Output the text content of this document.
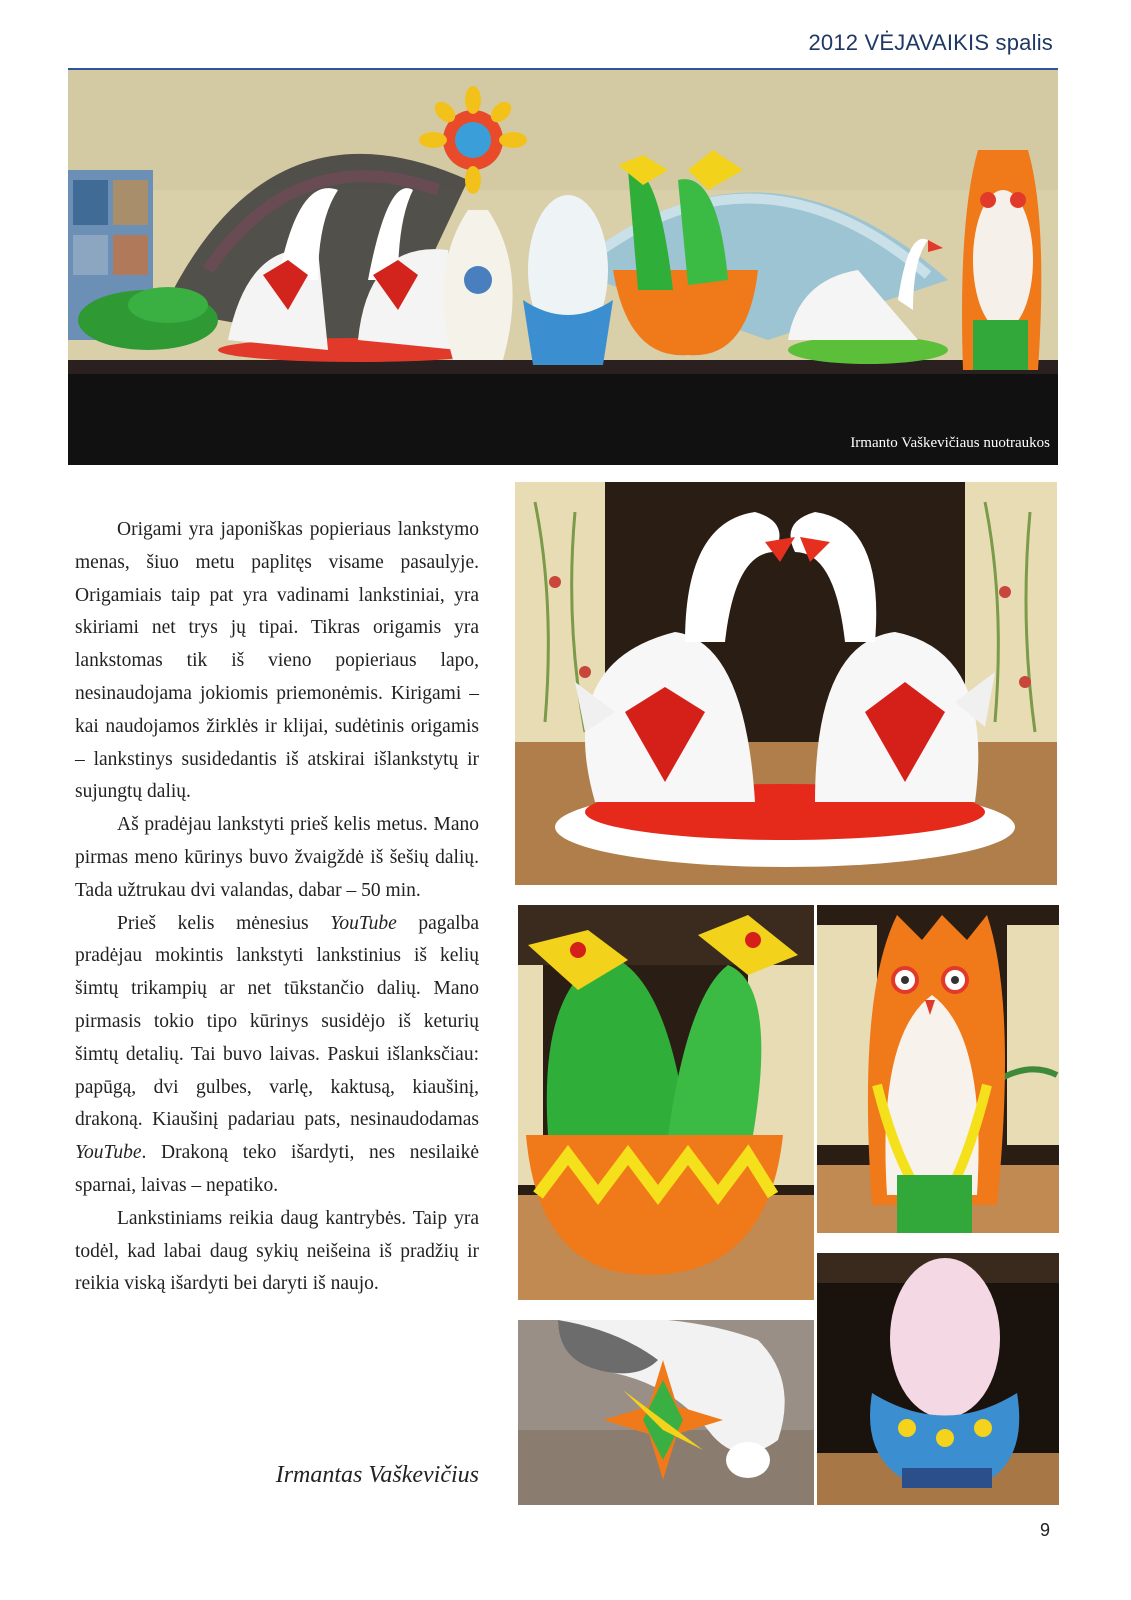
2012 VĖJAVAIKIS spalis
Irmanto Vaškevičiaus nuotraukos

Origami yra japoniškas popieriaus lankstymo menas, šiuo metu paplitęs visame pasaulyje. Origamiais taip pat yra vadinami lankstiniai, yra skiriami net trys jų tipai. Tikras origamis yra lankstomas tik iš vieno popieriaus lapo, nesinaudojama jokiomis priemonėmis. Kirigami – kai naudojamos žirklės ir klijai, sudėtinis origamis – lankstinys susidedantis iš atskirai išlankstytų ir sujungtų dalių.

Aš pradėjau lankstyti prieš kelis metus. Mano pirmas meno kūrinys buvo žvaigždė iš šešių dalių. Tada užtrukau dvi valandas, dabar – 50 min.

Prieš kelis mėnesius YouTube pagalba pradėjau mokintis lankstyti lankstinius iš kelių šimtų trikampių ar net tūkstančio dalių. Mano pirmasis tokio tipo kūrinys susidėjo iš keturių šimtų detalių. Tai buvo laivas. Paskui išlanksčiau: papūgą, dvi gulbes, varlę, kaktusą, kiaušinį, drakoną. Kiaušinį padariau pats, nesinaudodamas YouTube. Drakoną teko išardyti, nes nesilaikė sparnai, laivas – nepatiko.

Lankstiniams reikia daug kantrybės. Taip yra todėl, kad labai daug sykių neišeina iš pradžių ir reikia viską išardyti bei daryti iš naujo.

Irmantas Vaškevičius
9
